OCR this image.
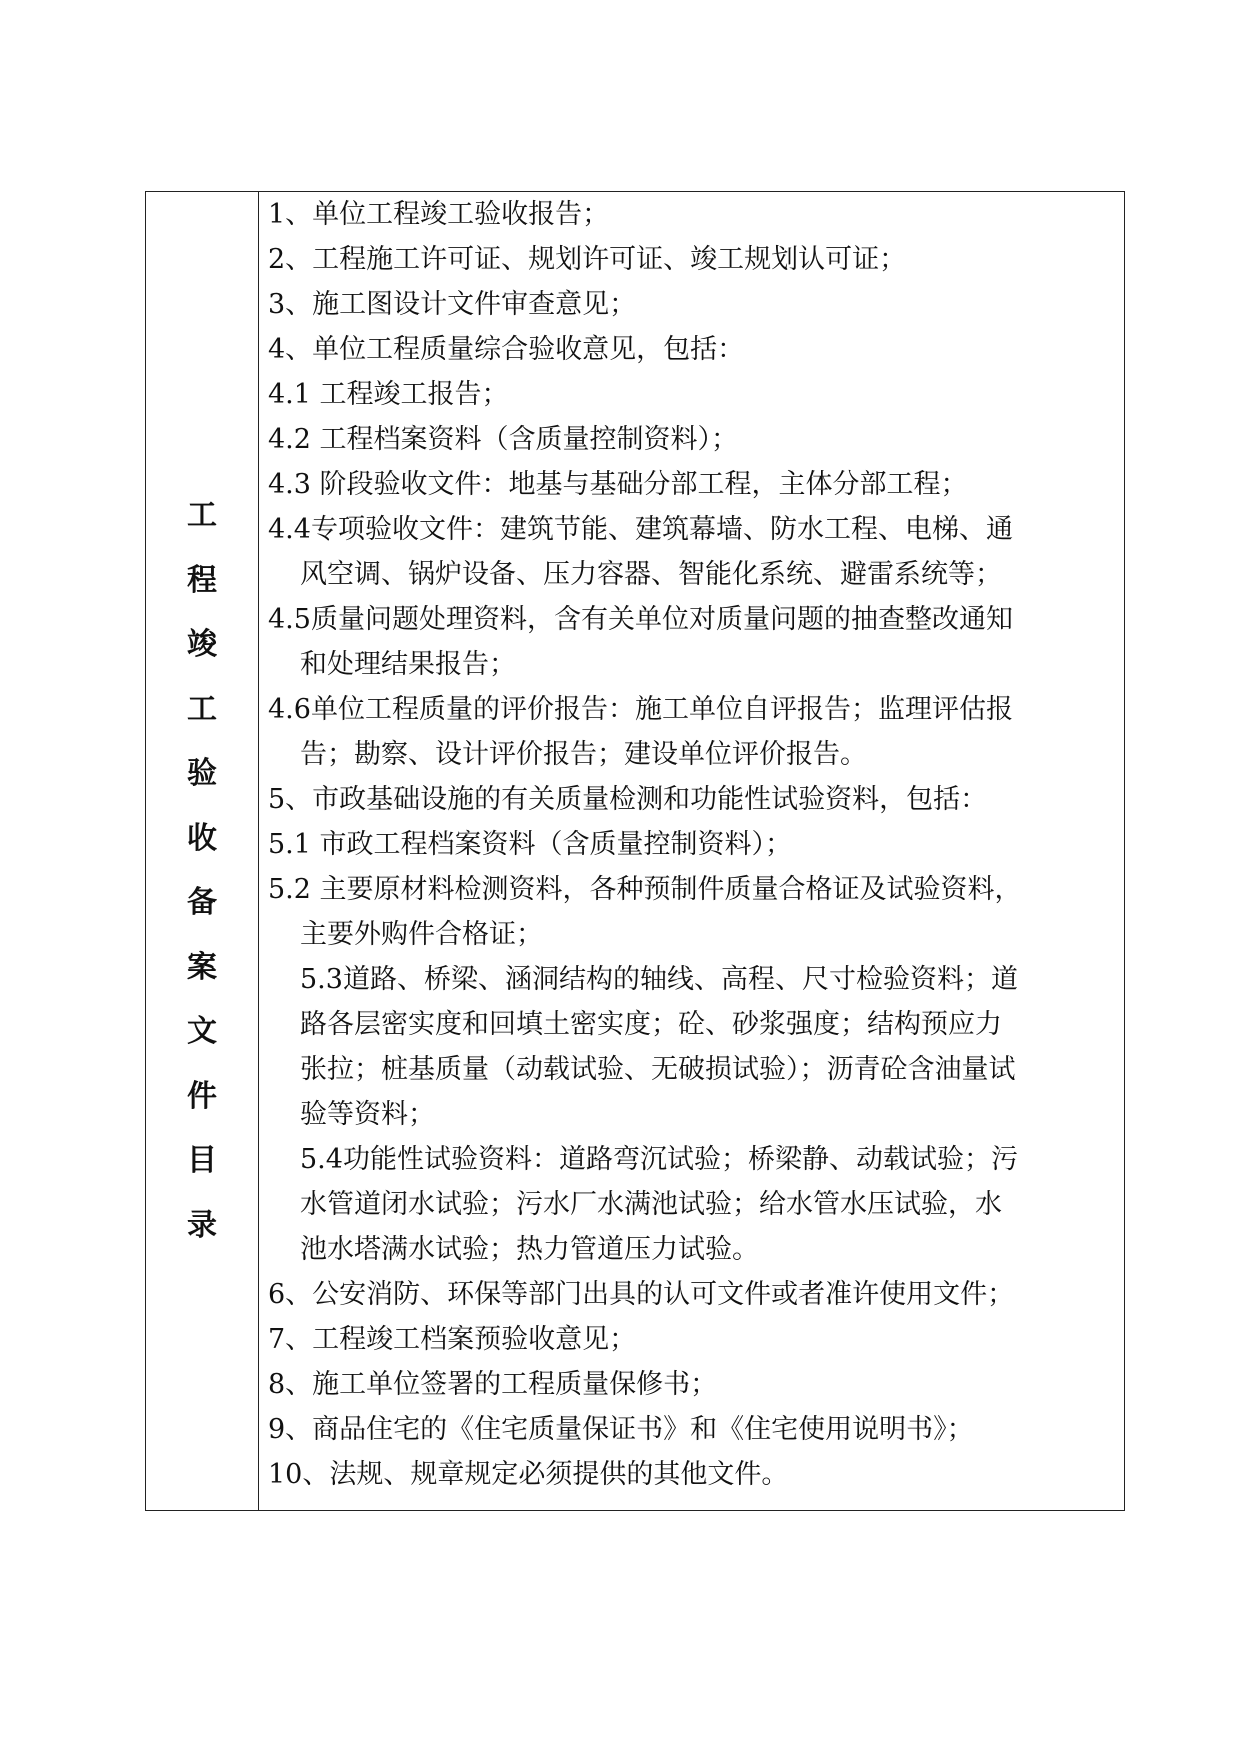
工
程
竣
工
验
收
备
案
文
件
目
录
1、单位工程竣工验收报告；
2、工程施工许可证、规划许可证、竣工规划认可证；
3、施工图设计文件审查意见；
4、单位工程质量综合验收意见，包括：
4.1 工程竣工报告；
4.2 工程档案资料（含质量控制资料）；
4.3 阶段验收文件：地基与基础分部工程，主体分部工程；
4.4专项验收文件：建筑节能、建筑幕墙、防水工程、电梯、通
风空调、锅炉设备、压力容器、智能化系统、避雷系统等；
4.5质量问题处理资料，含有关单位对质量问题的抽查整改通知
和处理结果报告；
4.6单位工程质量的评价报告：施工单位自评报告；监理评估报
告；勘察、设计评价报告；建设单位评价报告。
5、市政基础设施的有关质量检测和功能性试验资料，包括：
5.1 市政工程档案资料（含质量控制资料）；
5.2 主要原材料检测资料，各种预制件质量合格证及试验资料，
主要外购件合格证；
5.3道路、桥梁、涵洞结构的轴线、高程、尺寸检验资料；道
路各层密实度和回填土密实度；砼、砂浆强度；结构预应力
张拉；桩基质量（动载试验、无破损试验）；沥青砼含油量试
验等资料；
5.4功能性试验资料：道路弯沉试验；桥梁静、动载试验；污
水管道闭水试验；污水厂水满池试验；给水管水压试验，水
池水塔满水试验；热力管道压力试验。
6、公安消防、环保等部门出具的认可文件或者准许使用文件；
7、工程竣工档案预验收意见；
8、施工单位签署的工程质量保修书；
9、商品住宅的《住宅质量保证书》和《住宅使用说明书》；
10、法规、规章规定必须提供的其他文件。
